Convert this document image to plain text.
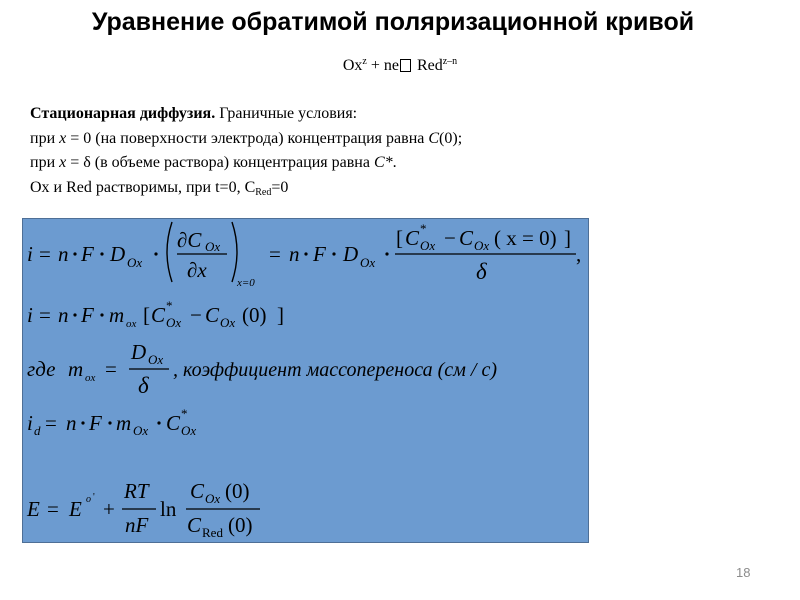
Уравнение обратимой поляризационной кривой
$Ox^z$ + ne Red$^{z-n}$
Стационарная диффузия. Граничные условия:
при x = 0 (на поверхности электрода) концентрация равна C(0);
при x = δ (в объеме раствора) концентрация равна C*.
Ox и Red растворимы, при t=0, $C_{Red}=0$
i = n F D Ox
∂C Ox
∂x
x=0
= n F D Ox
[ C *
Ox − C Ox ( x = 0) ]
δ
,
i = n F m ox [ C *
Ox − C Ox (0) ]
где m ox =
D Ox
δ
, коэффициент массопереноса (см / с)
i d = n F m Ox C *
Ox
E = E o ' +
RT
nF
ln
C Ox (0)
C Red (0)
18
